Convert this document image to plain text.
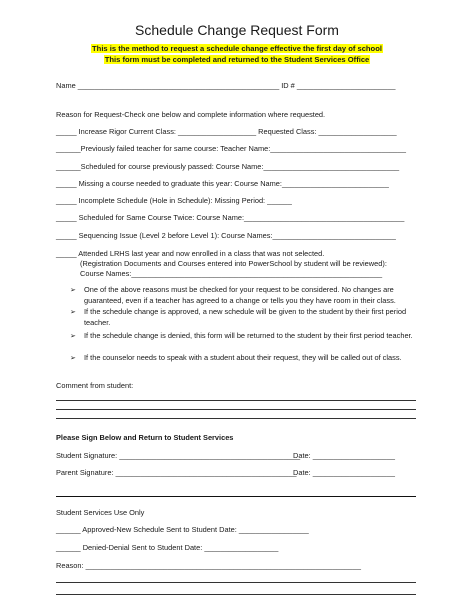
Schedule Change Request Form
This is the method to request a schedule change effective the first day of school
This form must be completed and returned to the Student Services Office
Name _________________________________________________ ID # ________________________
Reason for Request-Check one below and complete information where requested.
_____ Increase Rigor Current Class: ___________________ Requested Class: ___________________
______Previously failed teacher for same course: Teacher Name:_________________________________
______Scheduled for course previously passed: Course Name:_________________________________
_____ Missing a course needed to graduate this year: Course Name:__________________________
_____ Incomplete Schedule (Hole in Schedule): Missing Period: ______
_____ Scheduled for Same Course Twice: Course Name:_______________________________________
_____ Sequencing Issue (Level 2 before Level 1): Course Names:______________________________
_____ Attended LRHS last year and now enrolled in a class that was not selected.
(Registration Documents and Courses entered into PowerSchool by student will be reviewed):
Course Names:_____________________________________________________________
➢ One of the above reasons must be checked for your request to be considered. No changes are guaranteed, even if a teacher has agreed to a change or tells you they have room in their class.
➢ If the schedule change is approved, a new schedule will be given to the student by their first period teacher.
➢ If the schedule change is denied, this form will be returned to the student by their first period teacher.
➢ If the counselor needs to speak with a student about their request, they will be called out of class.
Comment from student:
Please Sign Below and Return to Student Services
Student Signature: ____________________________________________
Date: ____________________
Parent Signature: ____________________________________________
Date: ____________________
Student Services Use Only
______ Approved-New Schedule Sent to Student Date: _________________
______ Denied-Denial Sent to Student Date: __________________
Reason: ___________________________________________________________________
